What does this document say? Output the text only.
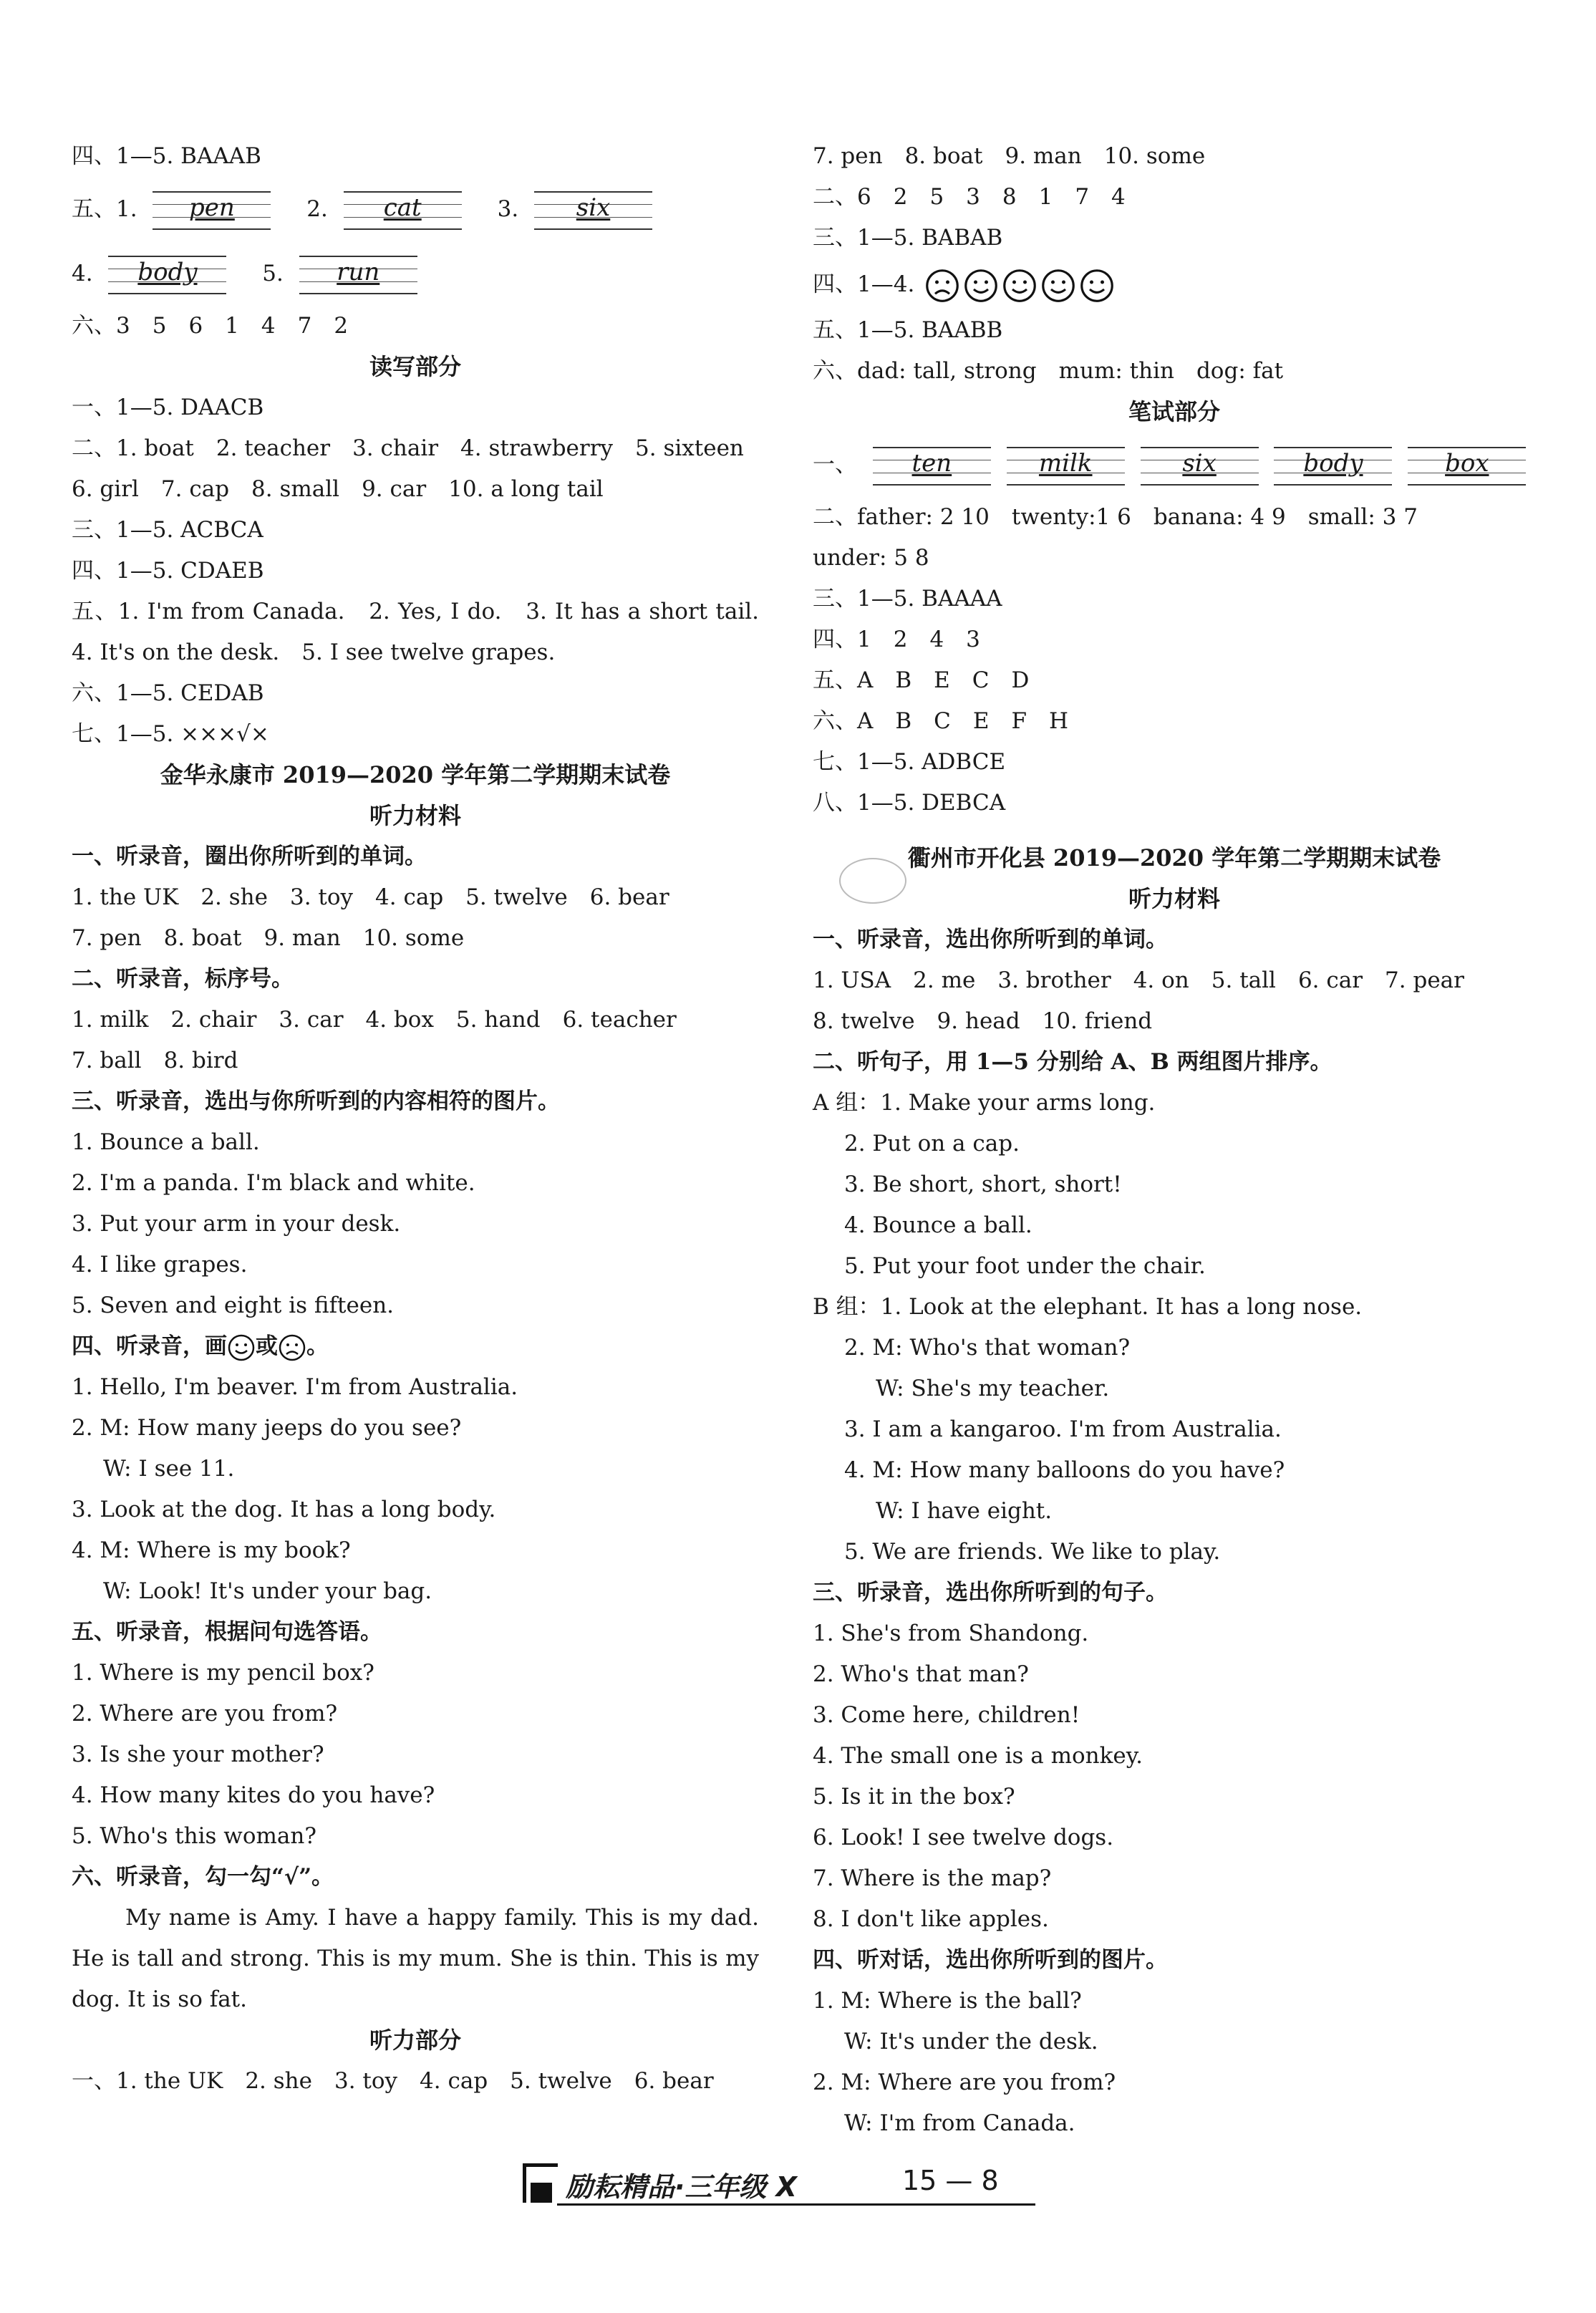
四、1—5. BAAAB
五、1. pen	2. cat	3. six
4. body	5. run
六、3　5　6　1　4　7　2
读写部分
一、1—5. DAACB
二、1. boat　2. teacher　3. chair　4. strawberry　5. sixteen
6. girl　7. cap　8. small　9. car　10. a long tail
三、1—5. ACBCA
四、1—5. CDAEB
五、1. I'm from Canada.　2. Yes, I do.　3. It has a short tail.　4. It's on the desk.　5. I see twelve grapes.
六、1—5. CEDAB
七、1—5. ×××√×
金华永康市 2019—2020 学年第二学期期末试卷
听力材料
一、听录音，圈出你所听到的单词。
1. the UK　2. she　3. toy　4. cap　5. twelve　6. bear
7. pen　8. boat　9. man　10. some
二、听录音，标序号。
1. milk　2. chair　3. car　4. box　5. hand　6. teacher
7. ball　8. bird
三、听录音，选出与你所听到的内容相符的图片。
1. Bounce a ball.
2. I'm a panda. I'm black and white.
3. Put your arm in your desk.
4. I like grapes.
5. Seven and eight is fifteen.
四、听录音，画 或 。
1. Hello, I'm beaver. I'm from Australia.
2. M: How many jeeps do you see?
W: I see 11.
3. Look at the dog. It has a long body.
4. M: Where is my book?
W: Look! It's under your bag.
五、听录音，根据问句选答语。
1. Where is my pencil box?
2. Where are you from?
3. Is she your mother?
4. How many kites do you have?
5. Who's this woman?
六、听录音，勾一勾“√”。
My name is Amy. I have a happy family. This is my dad. He is tall and strong. This is my mum. She is thin. This is my dog. It is so fat.
听力部分
一、1. the UK　2. she　3. toy　4. cap　5. twelve　6. bear
7. pen　8. boat　9. man　10. some
二、6　2　5　3　8　1　7　4
三、1—5. BABAB
四、1—4.
五、1—5. BAABB
六、dad: tall, strong　mum: thin　dog: fat
笔试部分
一、 ten	milk	six	body	box
二、father: 2 10　twenty:1 6　banana: 4 9　small: 3 7
under: 5 8
三、1—5. BAAAA
四、1　2　4　3
五、A　B　E　C　D
六、A　B　C　E　F　H
七、1—5. ADBCE
八、1—5. DEBCA
衢州市开化县 2019—2020 学年第二学期期末试卷
听力材料
一、听录音，选出你所听到的单词。
1. USA　2. me　3. brother　4. on　5. tall　6. car　7. pear
8. twelve　9. head　10. friend
二、听句子，用 1—5 分别给 A、B 两组图片排序。
A 组：1. Make your arms long.
2. Put on a cap.
3. Be short, short, short!
4. Bounce a ball.
5. Put your foot under the chair.
B 组：1. Look at the elephant. It has a long nose.
2. M: Who's that woman?
W: She's my teacher.
3. I am a kangaroo. I'm from Australia.
4. M: How many balloons do you have?
W: I have eight.
5. We are friends. We like to play.
三、听录音，选出你所听到的句子。
1. She's from Shandong.
2. Who's that man?
3. Come here, children!
4. The small one is a monkey.
5. Is it in the box?
6. Look! I see twelve dogs.
7. Where is the map?
8. I don't like apples.
四、听对话，选出你所听到的图片。
1. M: Where is the ball?
W: It's under the desk.
2. M: Where are you from?
W: I'm from Canada.
励耘精品·三年级 X	15 — 8
